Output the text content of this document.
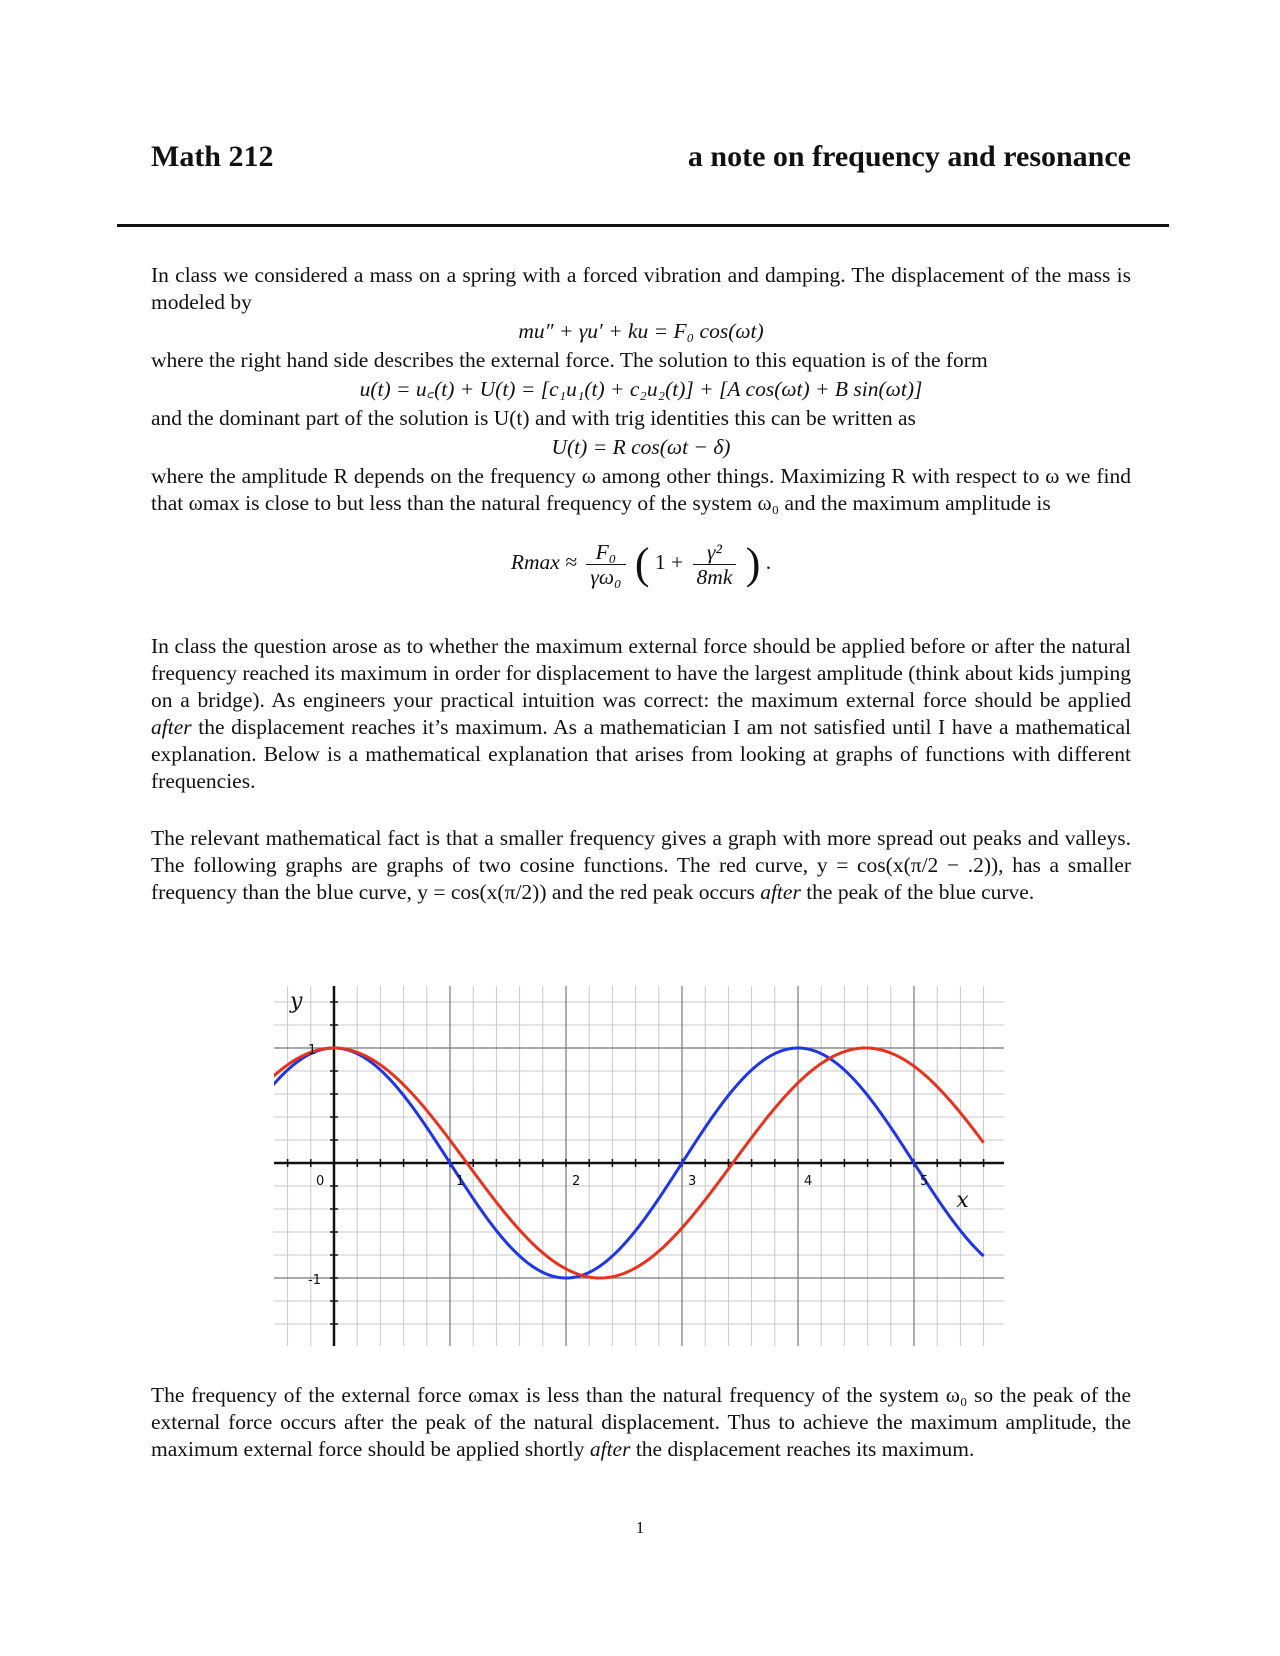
Math 212	a note on frequency and resonance

In class we considered a mass on a spring with a forced vibration and damping. The displacement of the mass is modeled by

mu″ + γu′ + ku = F₀ cos(ωt)

where the right hand side describes the external force. The solution to this equation is of the form

u(t) = u꜀(t) + U(t) = [c₁u₁(t) + c₂u₂(t)] + [A cos(ωt) + B sin(ωt)]

and the dominant part of the solution is U(t) and with trig identities this can be written as

U(t) = R cos(ωt − δ)

where the amplitude R depends on the frequency ω among other things. Maximizing R with respect to ω we find that ωmax is close to but less than the natural frequency of the system ω₀ and the maximum amplitude is

$Rmax \approx \frac{\text{F₀}}{\text{γω₀}}$ ( $1 + \frac{\text{γ²}}{8mk}$ ) .

In class the question arose as to whether the maximum external force should be applied before or after the natural frequency reached its maximum in order for displacement to have the largest amplitude (think about kids jumping on a bridge). As engineers your practical intuition was correct: the maximum external force should be applied after the displacement reaches it’s maximum. As a mathematician I am not satisfied until I have a mathematical explanation. Below is a mathematical explanation that arises from looking at graphs of functions with different frequencies.

The relevant mathematical fact is that a smaller frequency gives a graph with more spread out peaks and valleys. The following graphs are graphs of two cosine functions. The red curve, y = cos(x(π/2 − .2)), has a smaller frequency than the blue curve, y = cos(x(π/2)) and the red peak occurs after the peak of the blue curve.

0	1	2	3	4	5
1
-1
x
y

The frequency of the external force ωmax is less than the natural frequency of the system ω₀ so the peak of the external force occurs after the peak of the natural displacement. Thus to achieve the maximum amplitude, the maximum external force should be applied shortly after the displacement reaches its maximum.

1
